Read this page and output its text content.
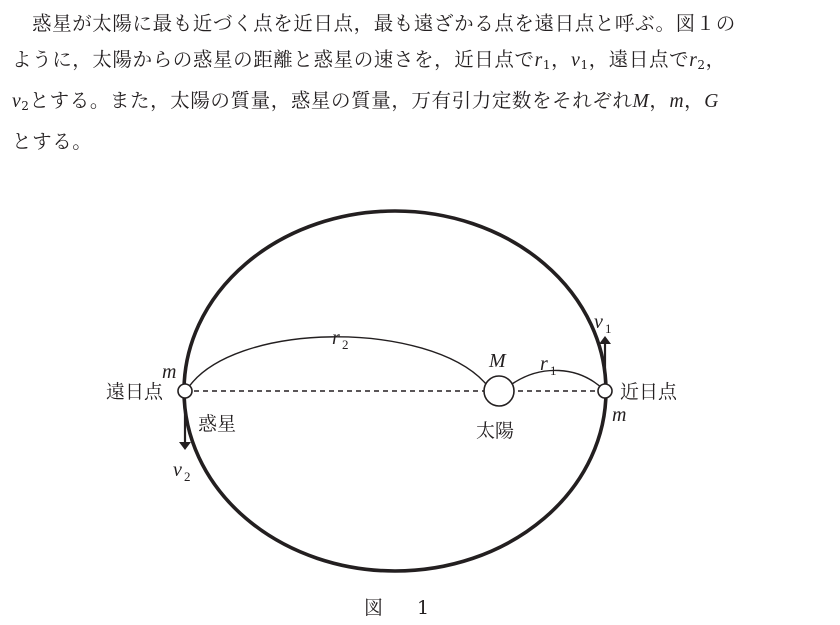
惑星が太陽に最も近づく点を近日点，最も遠ざかる点を遠日点と呼ぶ。図１の

ように，太陽からの惑星の距離と惑星の速さを，近日点で$r_1$，$v_1$，遠日点で$r_2$，

$v_2$とする。また，太陽の質量，惑星の質量，万有引力定数をそれぞれM，m，G

とする。

遠日点	近日点
惑星	太陽
M
m
m
r 2
r 1
v 1
v 2
図 1
